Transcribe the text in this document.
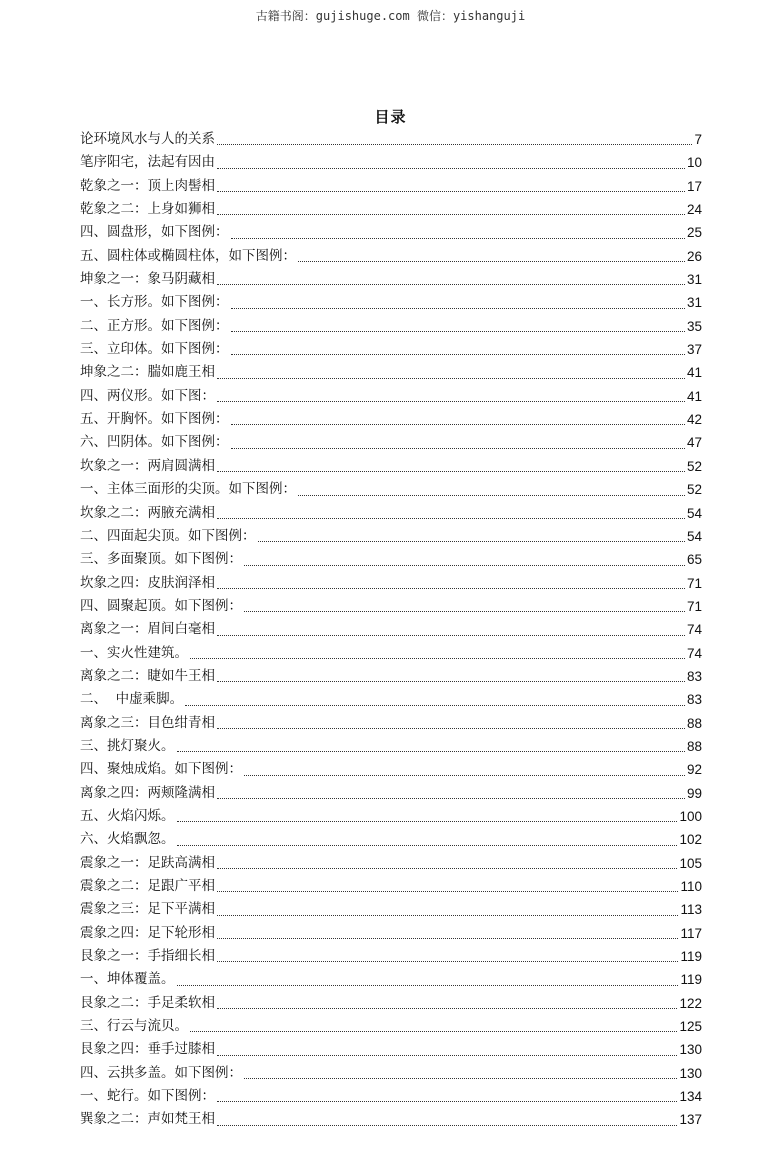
古籍书阁：gujishuge.com 微信：yishanguji
目录
论环境风水与人的关系	7
笔序阳宅，法起有因由	10
乾象之一：顶上肉髻相	17
乾象之二：上身如狮相	24
四、圆盘形，如下图例：	25
五、圆柱体或椭圆柱体，如下图例：	26
坤象之一：象马阴藏相	31
一、长方形。如下图例：	31
二、正方形。如下图例：	35
三、立印体。如下图例：	37
坤象之二：腨如鹿王相	41
四、两仪形。如下图：	41
五、开胸怀。如下图例：	42
六、凹阴体。如下图例：	47
坎象之一：两肩圆满相	52
一、主体三面形的尖顶。如下图例：	52
坎象之二：两腋充满相	54
二、四面起尖顶。如下图例：	54
三、多面聚顶。如下图例：	65
坎象之四：皮肤润泽相	71
四、圆聚起顶。如下图例：	71
离象之一：眉间白毫相	74
一、实火性建筑。	74
离象之二：睫如牛王相	83
二、  中虚乘脚。	83
离象之三：目色绀青相	88
三、挑灯聚火。	88
四、聚烛成焰。如下图例：	92
离象之四：两颊隆满相	99
五、火焰闪烁。	100
六、火焰飘忽。	102
震象之一：足趺高满相	105
震象之二：足跟广平相	110
震象之三：足下平满相	113
震象之四：足下轮形相	117
艮象之一：手指细长相	119
一、坤体覆盖。	119
艮象之二：手足柔软相	122
三、行云与流贝。	125
艮象之四：垂手过膝相	130
四、云拱多盖。如下图例：	130
一、蛇行。如下图例：	134
巽象之二：声如梵王相	137
